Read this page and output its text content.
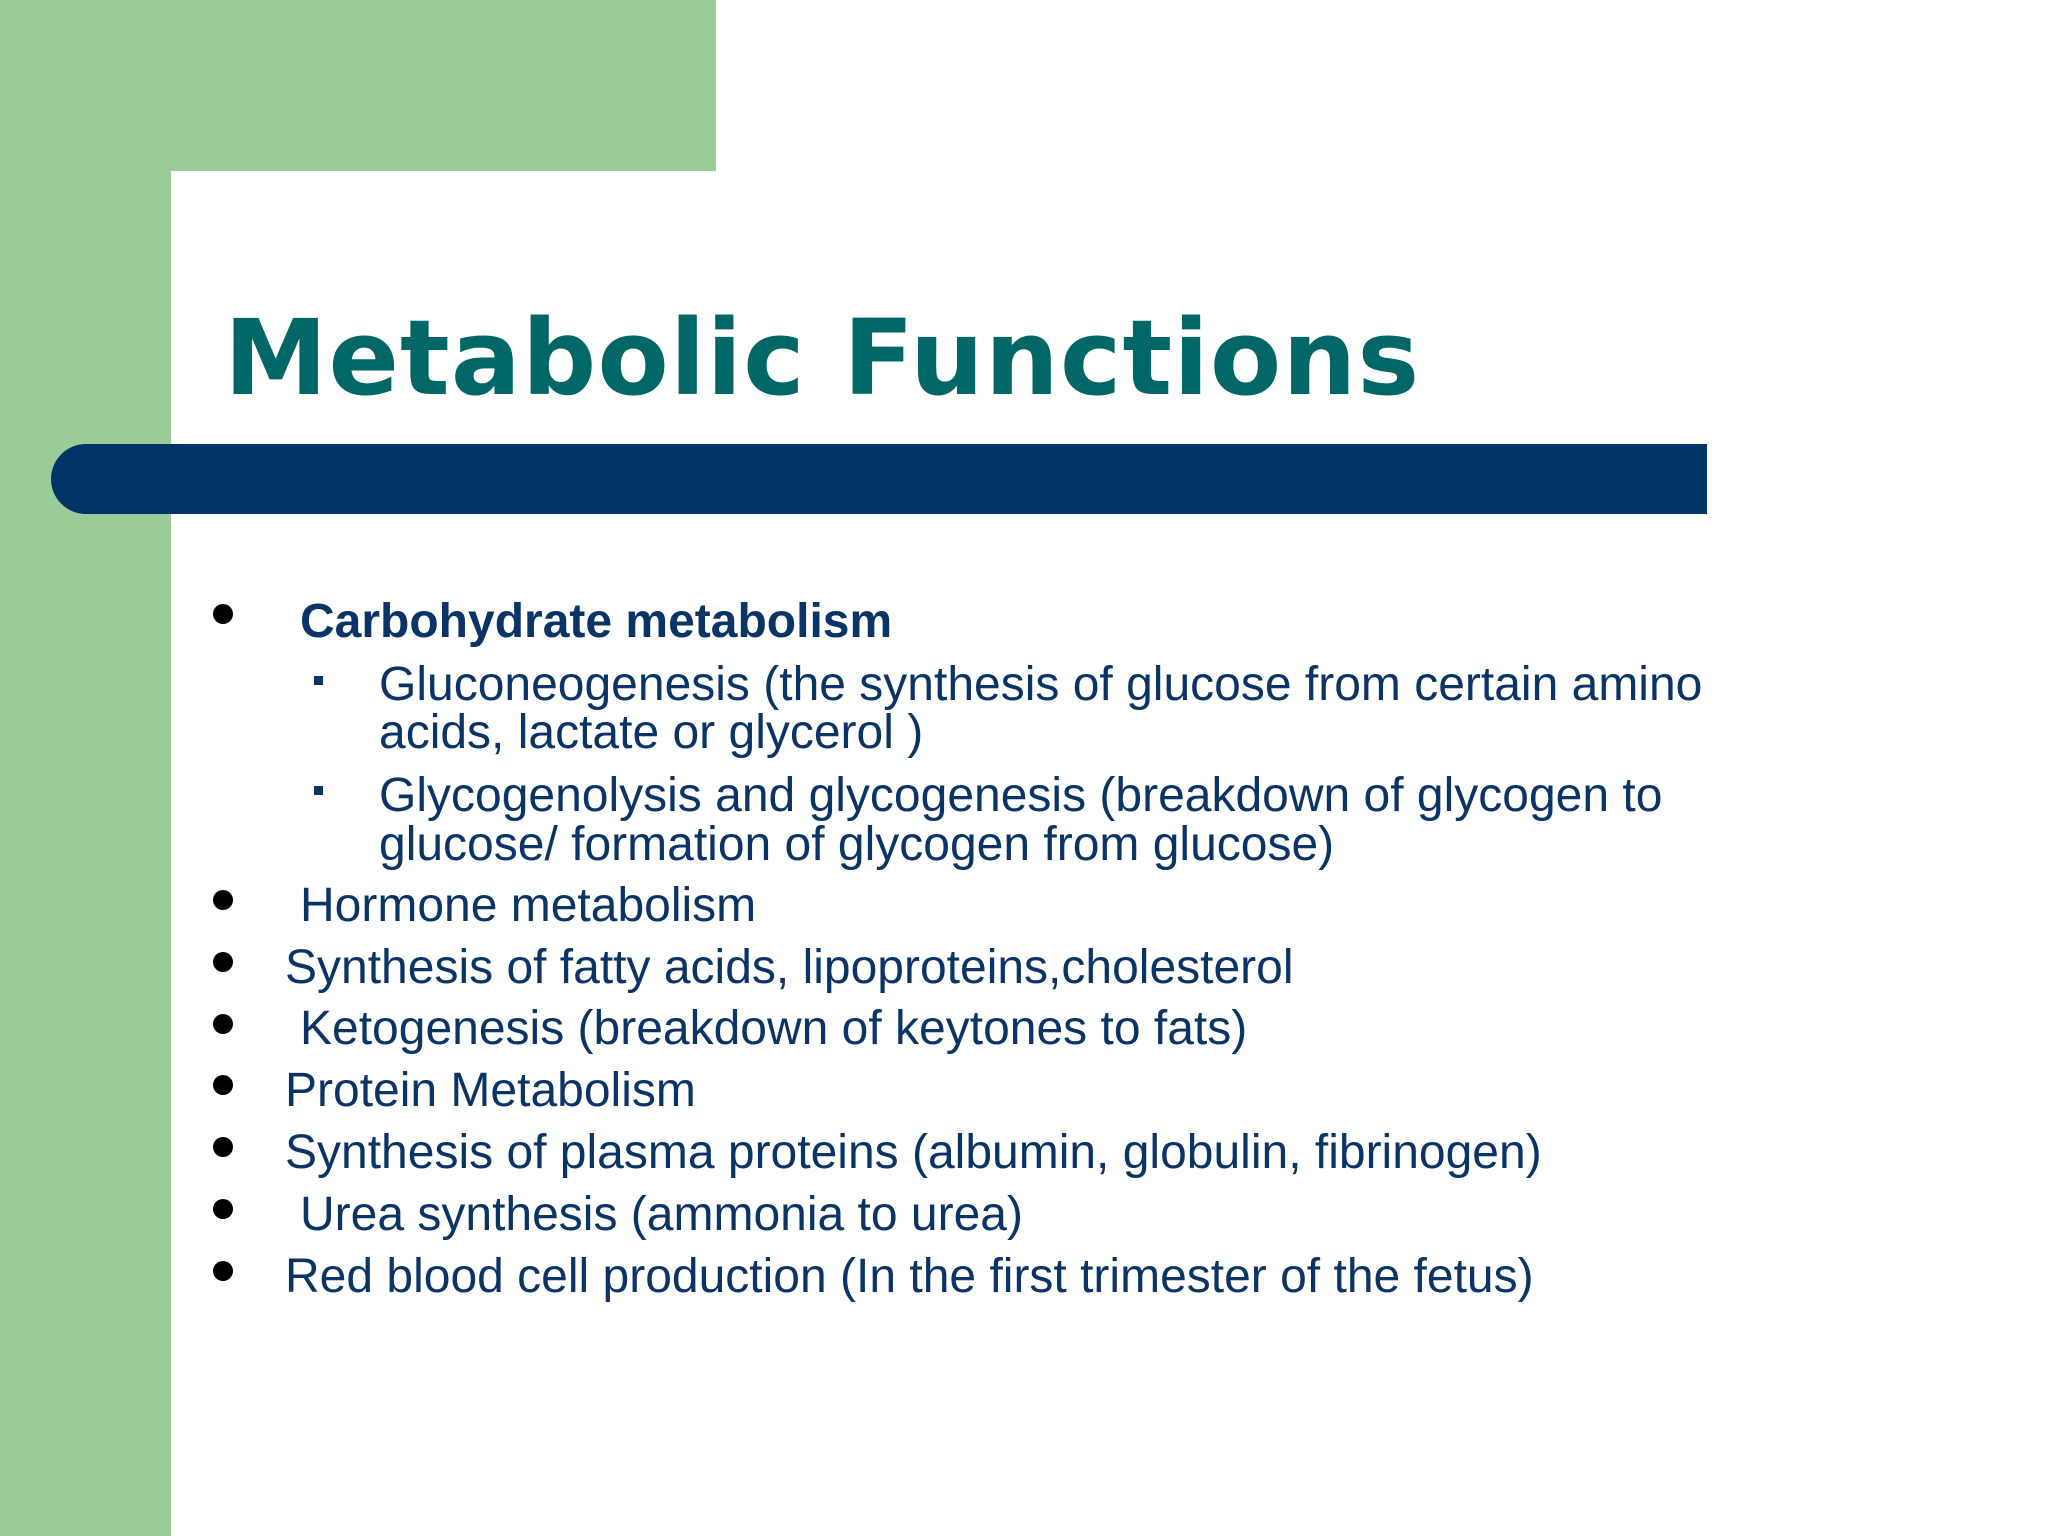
Metabolic Functions
Carbohydrate metabolism
Gluconeogenesis (the synthesis of glucose from certain amino
acids, lactate or glycerol )
Glycogenolysis and glycogenesis (breakdown of glycogen to
glucose/ formation of glycogen from glucose)
Hormone metabolism
Synthesis of fatty acids, lipoproteins,cholesterol
Ketogenesis (breakdown of keytones to fats)
Protein Metabolism
Synthesis of plasma proteins (albumin, globulin, fibrinogen)
Urea synthesis (ammonia to urea)
Red blood cell production (In the first trimester of the fetus)
